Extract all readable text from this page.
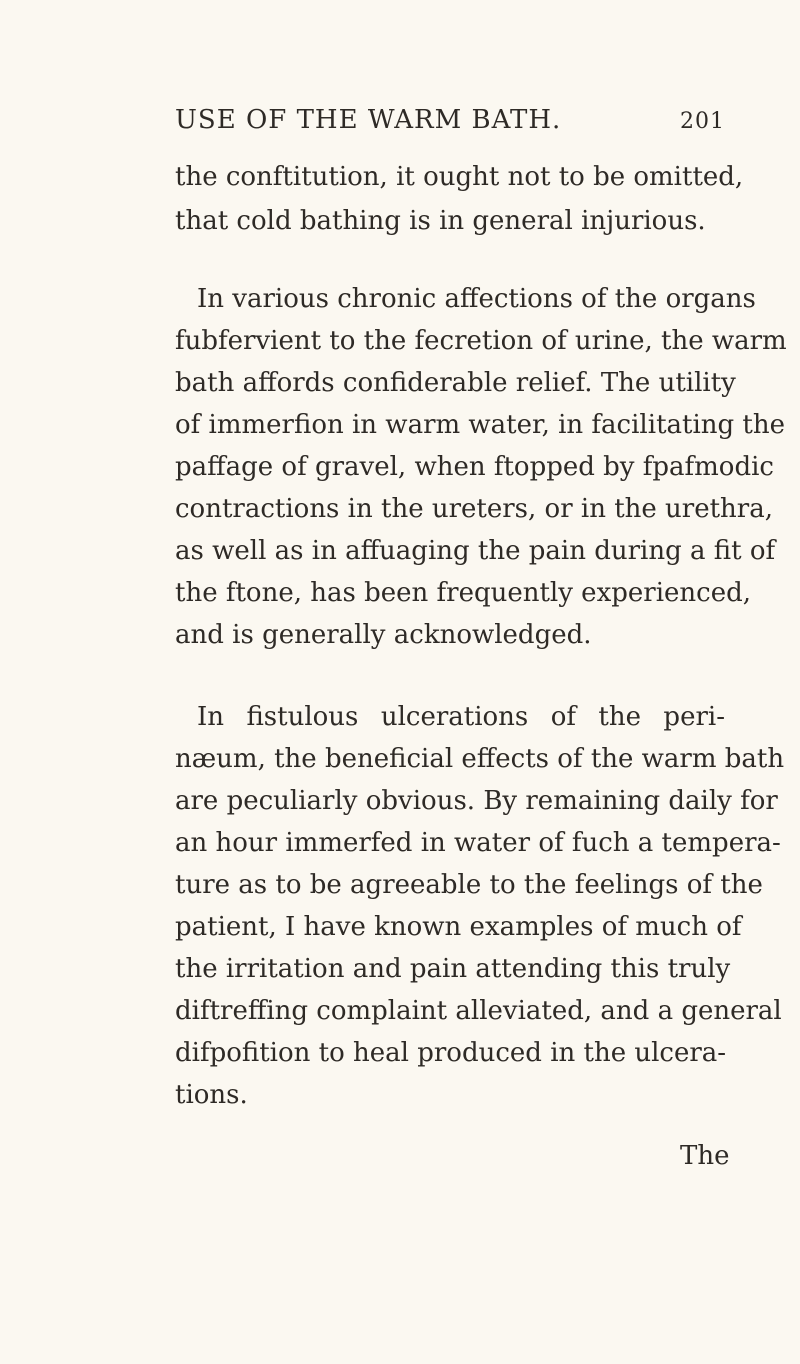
USE OF THE WARM BATH.	201
the conftitution, it ought not to be omitted,
that cold bathing is in general injurious.
In various chronic affections of the organs
fubfervient to the fecretion of urine, the warm
bath affords confiderable relief. The utility
of immerfion in warm water, in facilitating the
paffage of gravel, when ftopped by fpafmodic
contractions in the ureters, or in the urethra,
as well as in affuaging the pain during a fit of
the ftone, has been frequently experienced,
and is generally acknowledged.
In fistulous ulcerations of the peri-
næum, the beneficial effects of the warm bath
are peculiarly obvious. By remaining daily for
an hour immerfed in water of fuch a tempera-
ture as to be agreeable to the feelings of the
patient, I have known examples of much of
the irritation and pain attending this truly
diftreffing complaint alleviated, and a general
difpofition to heal produced in the ulcera-
tions.
The
